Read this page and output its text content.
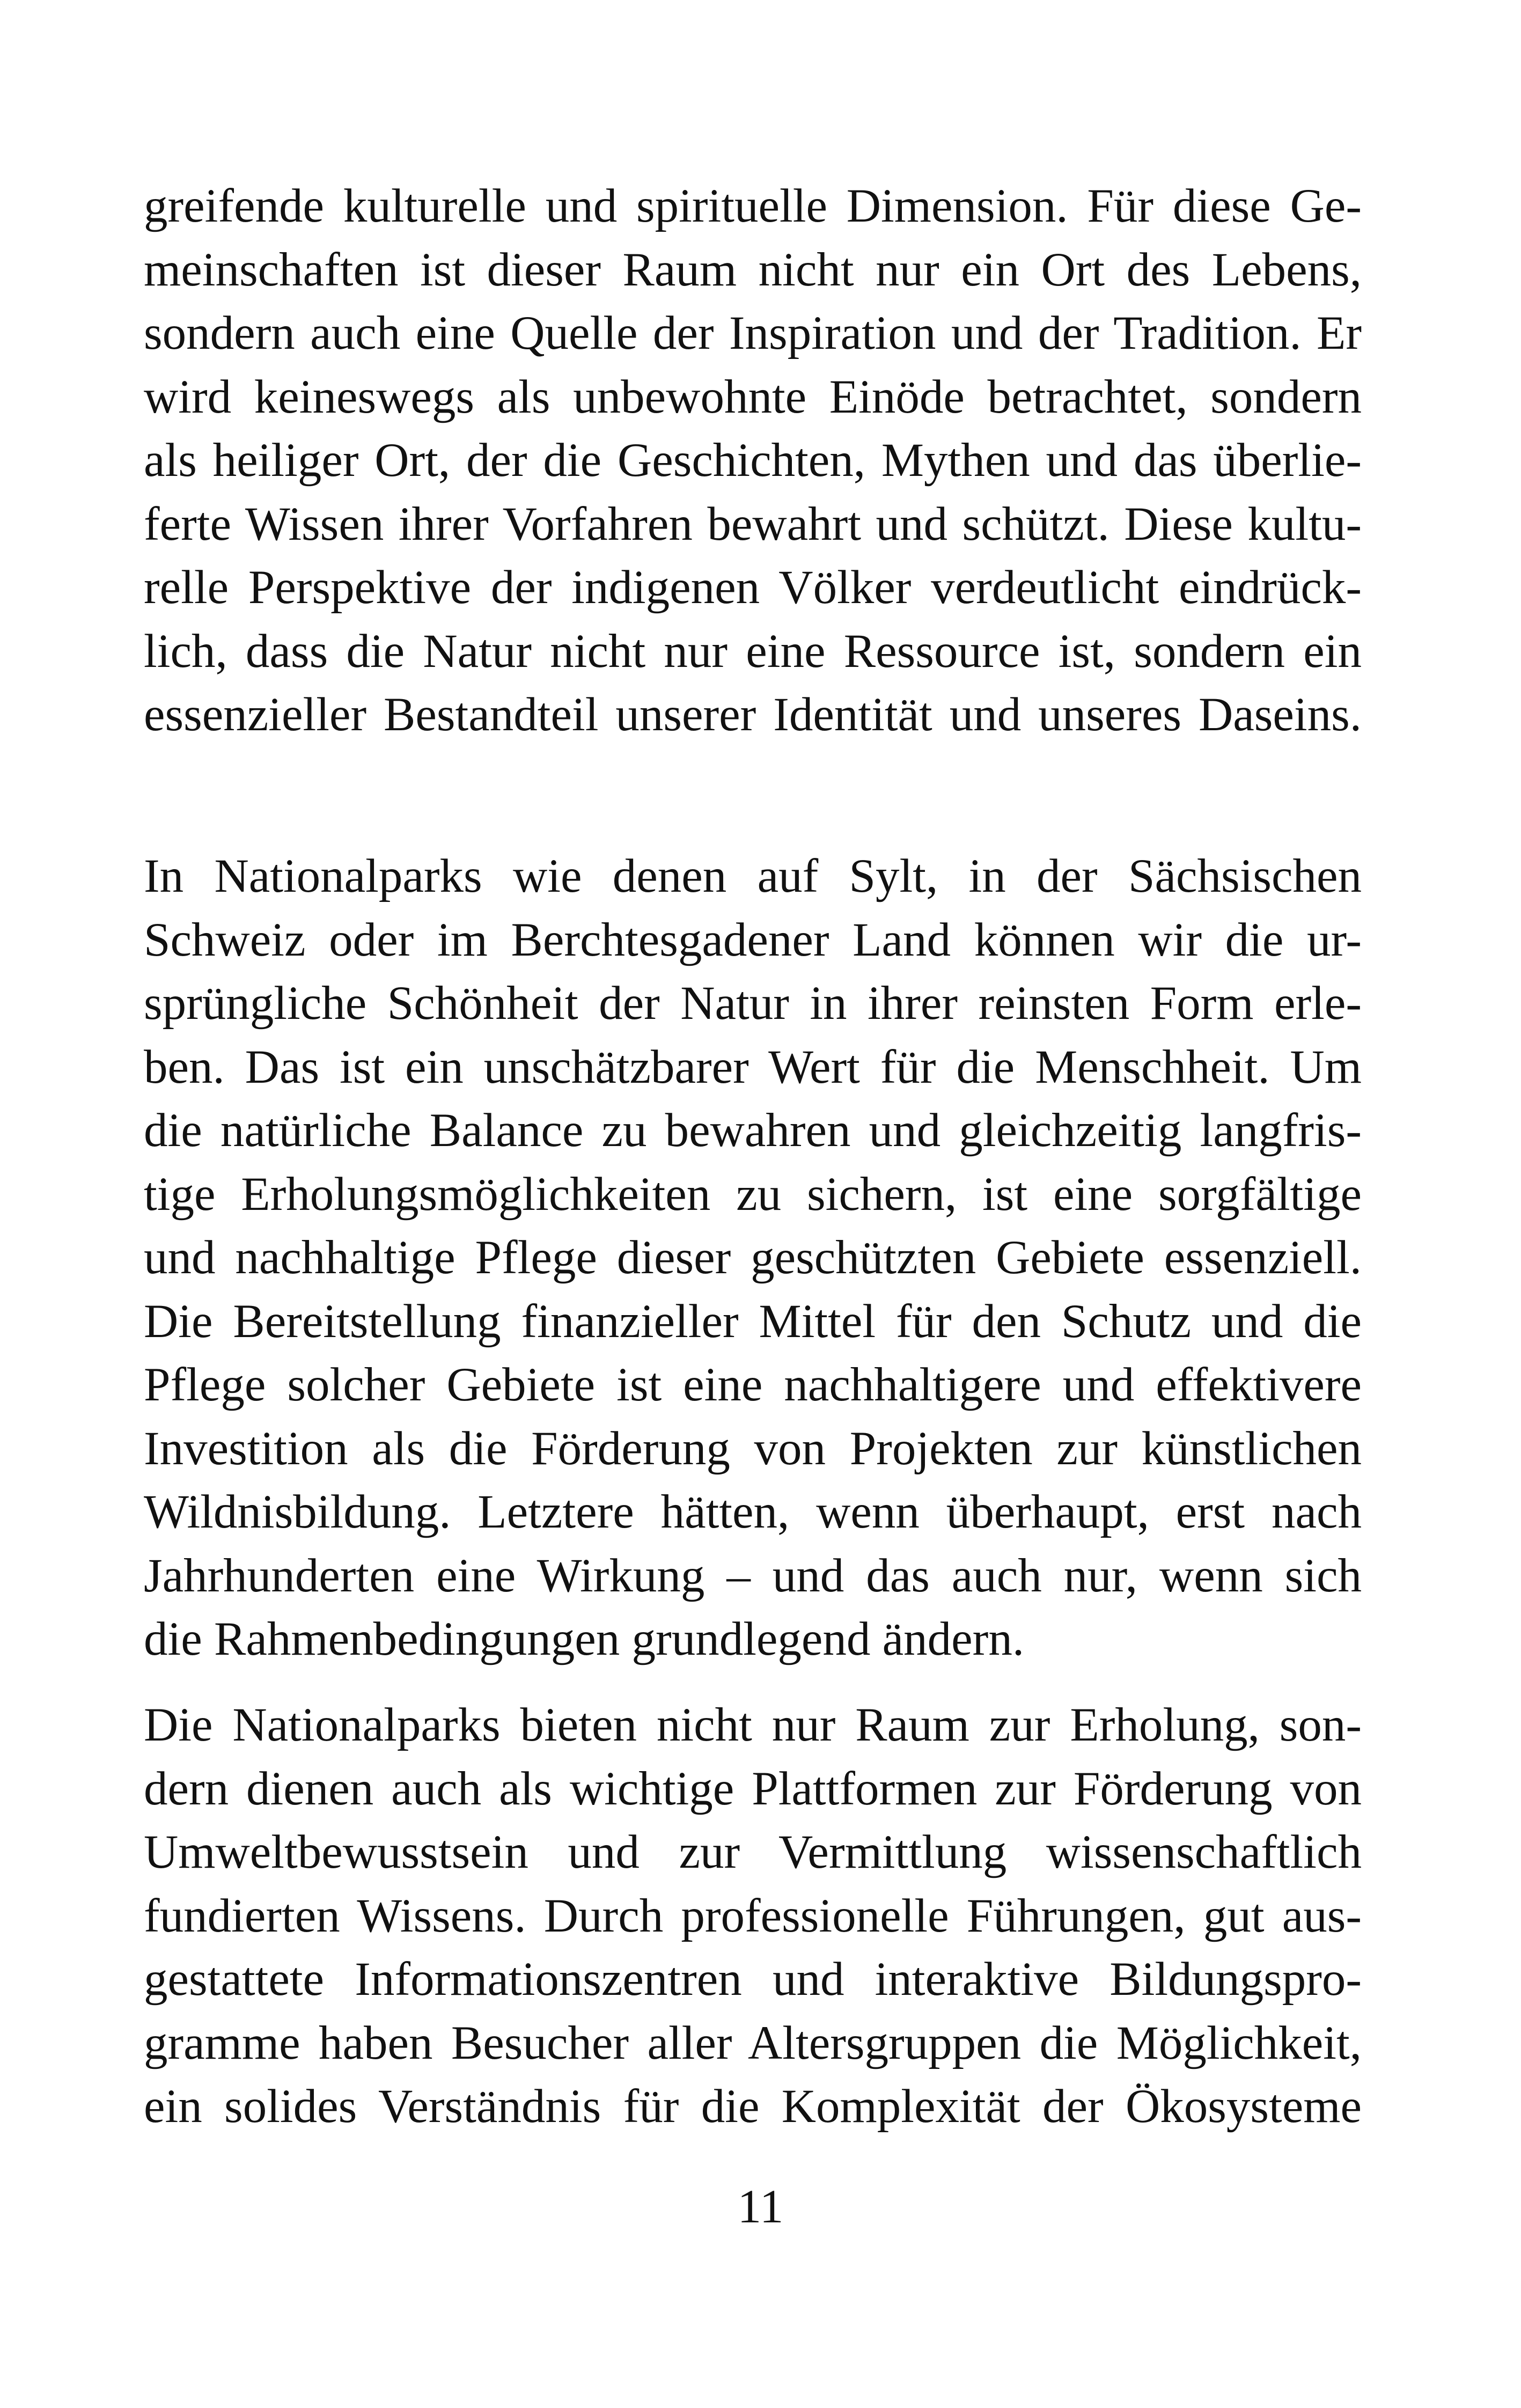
greifende kulturelle und spirituelle Dimension. Für diese Ge-
meinschaften ist dieser Raum nicht nur ein Ort des Lebens,
sondern auch eine Quelle der Inspiration und der Tradition. Er
wird keineswegs als unbewohnte Einöde betrachtet, sondern
als heiliger Ort, der die Geschichten, Mythen und das überlie-
ferte Wissen ihrer Vorfahren bewahrt und schützt. Diese kultu-
relle Perspektive der indigenen Völker verdeutlicht eindrück-
lich, dass die Natur nicht nur eine Ressource ist, sondern ein
essenzieller Bestandteil unserer Identität und unseres Daseins.
In Nationalparks wie denen auf Sylt, in der Sächsischen
Schweiz oder im Berchtesgadener Land können wir die ur-
sprüngliche Schönheit der Natur in ihrer reinsten Form erle-
ben. Das ist ein unschätzbarer Wert für die Menschheit. Um
die natürliche Balance zu bewahren und gleichzeitig langfris-
tige Erholungsmöglichkeiten zu sichern, ist eine sorgfältige
und nachhaltige Pflege dieser geschützten Gebiete essenziell.
Die Bereitstellung finanzieller Mittel für den Schutz und die
Pflege solcher Gebiete ist eine nachhaltigere und effektivere
Investition als die Förderung von Projekten zur künstlichen
Wildnisbildung. Letztere hätten, wenn überhaupt, erst nach
Jahrhunderten eine Wirkung – und das auch nur, wenn sich
die Rahmenbedingungen grundlegend ändern.
Die Nationalparks bieten nicht nur Raum zur Erholung, son-
dern dienen auch als wichtige Plattformen zur Förderung von
Umweltbewusstsein und zur Vermittlung wissenschaftlich
fundierten Wissens. Durch professionelle Führungen, gut aus-
gestattete Informationszentren und interaktive Bildungspro-
gramme haben Besucher aller Altersgruppen die Möglichkeit,
ein solides Verständnis für die Komplexität der Ökosysteme
11
